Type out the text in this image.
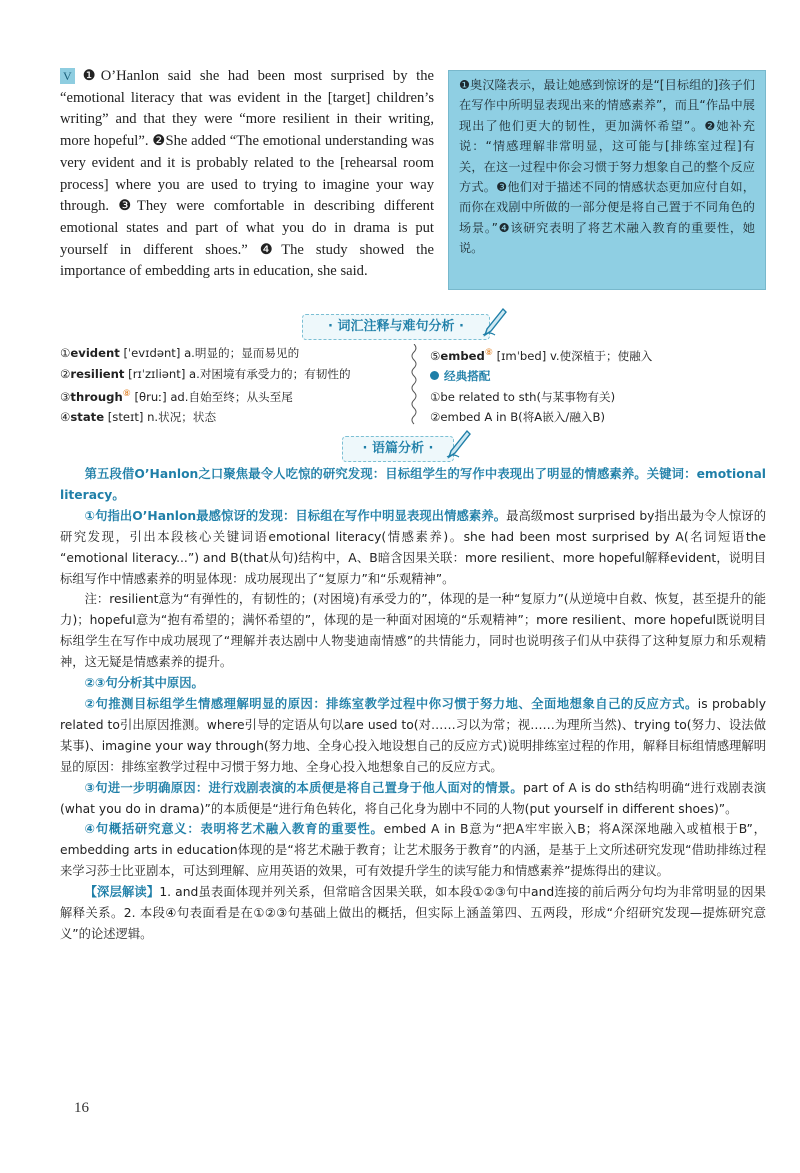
V ❶O’Hanlon said she had been most surprised by the “emotional literacy that was evident in the [target] children’s writing” and that they were “more resilient in their writing, more hopeful”. ❷She added “The emotional understanding was very evident and it is probably related to the [rehearsal room process] where you are used to trying to imagine your way through. ❸They were comfortable in describing different emotional states and part of what you do in drama is put yourself in different shoes.” ❹The study showed the importance of embedding arts in education, she said.
❶奥汉隆表示，最让她感到惊讶的是“[目标组的]孩子们在写作中所明显表现出来的情感素养”，而且“作品中展现出了他们更大的韧性，更加满怀希望”。❷她补充说：“情感理解非常明显，这可能与[排练室过程]有关，在这一过程中你会习惯于努力想象自己的整个反应方式。❸他们对于描述不同的情感状态更加应付自如，而你在戏剧中所做的一部分便是将自己置于不同角色的场景。”❹该研究表明了将艺术融入教育的重要性，她说。
· 词汇注释与难句分析 ·
①evident [ˈevɪdənt] a.明显的；显而易见的
②resilient [rɪˈzɪliənt] a.对困境有承受力的；有韧性的
③through⑧ [θruː] ad.自始至终；从头至尾
④state [steɪt] n.状况；状态
⑤embed⑧ [ɪmˈbed] v.使深植于；使融入
经典搭配
①be related to sth(与某事物有关)
②embed A in B(将A嵌入/融入B)
· 语篇分析 ·

第五段借O’Hanlon之口聚焦最令人吃惊的研究发现：目标组学生的写作中表现出了明显的情感素养。关键词：emotional literacy。

①句指出O’Hanlon最感惊讶的发现：目标组在写作中明显表现出情感素养。最高级most surprised by指出最为令人惊讶的研究发现，引出本段核心关键词语emotional literacy(情感素养)。she had been most surprised by A(名词短语the “emotional literacy...”) and B(that从句)结构中，A、B暗含因果关联：more resilient、more hopeful解释evident，说明目标组写作中情感素养的明显体现：成功展现出了“复原力”和“乐观精神”。

注：resilient意为“有弹性的，有韧性的；(对困境)有承受力的”，体现的是一种“复原力”(从逆境中自救、恢复，甚至提升的能力)；hopeful意为“抱有希望的；满怀希望的”，体现的是一种面对困境的“乐观精神”；more resilient、more hopeful既说明目标组学生在写作中成功展现了“理解并表达剧中人物斐迪南情感”的共情能力，同时也说明孩子们从中获得了这种复原力和乐观精神，这无疑是情感素养的提升。

②③句分析其中原因。

②句推测目标组学生情感理解明显的原因：排练室教学过程中你习惯于努力地、全面地想象自己的反应方式。is probably related to引出原因推测。where引导的定语从句以are used to(对……习以为常；视……为理所当然)、trying to(努力、设法做某事)、imagine your way through(努力地、全身心投入地设想自己的反应方式)说明排练室过程的作用，解释目标组情感理解明显的原因：排练室教学过程中习惯于努力地、全身心投入地想象自己的反应方式。

③句进一步明确原因：进行戏剧表演的本质便是将自己置身于他人面对的情景。part of A is do sth结构明确“进行戏剧表演(what you do in drama)”的本质便是“进行角色转化，将自己化身为剧中不同的人物(put yourself in different shoes)”。

④句概括研究意义：表明将艺术融入教育的重要性。embed A in B意为“把A牢牢嵌入B；将A深深地融入或植根于B”，embedding arts in education体现的是“将艺术融于教育；让艺术服务于教育”的内涵，是基于上文所述研究发现“借助排练过程来学习莎士比亚剧本，可达到理解、应用英语的效果，可有效提升学生的读写能力和情感素养”提炼得出的建议。

【深层解读】1. and虽表面体现并列关系，但常暗含因果关联，如本段①②③句中and连接的前后两分句均为非常明显的因果解释关系。2. 本段④句表面看是在①②③句基础上做出的概括，但实际上涵盖第四、五两段，形成“介绍研究发现—提炼研究意义”的论述逻辑。

16
